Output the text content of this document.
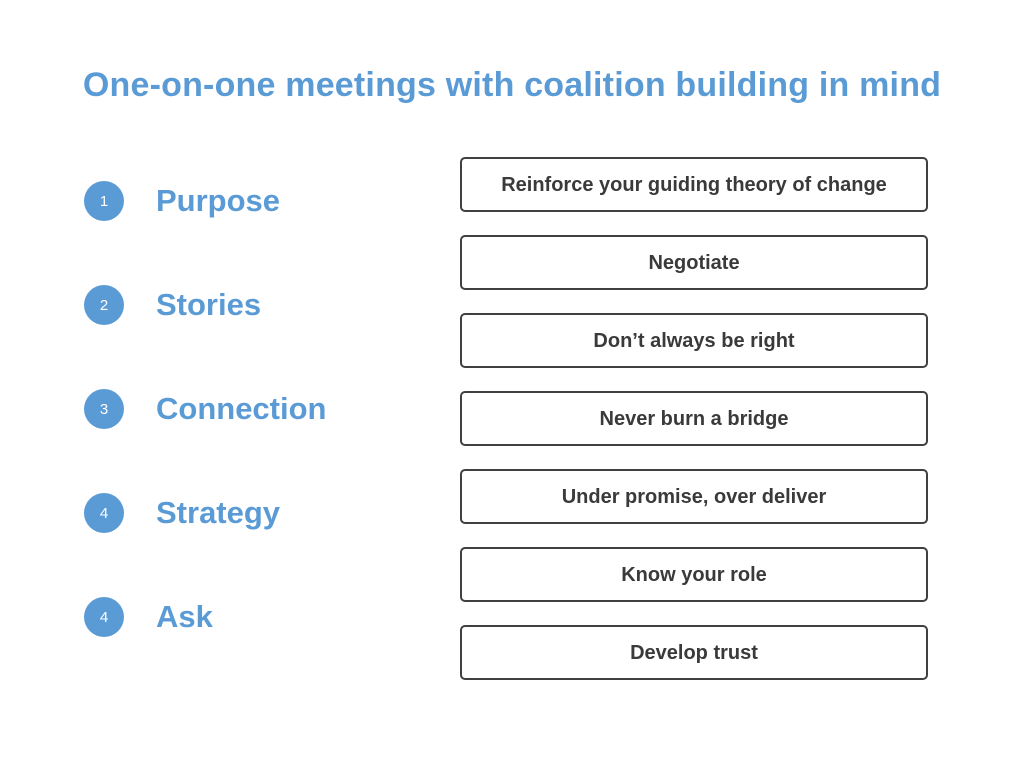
One-on-one meetings with coalition building in mind
1	Purpose
2	Stories
3	Connection
4	Strategy
4	Ask
Reinforce your guiding theory of change
Negotiate
Don’t always be right
Never burn a bridge
Under promise, over deliver
Know your role
Develop trust
